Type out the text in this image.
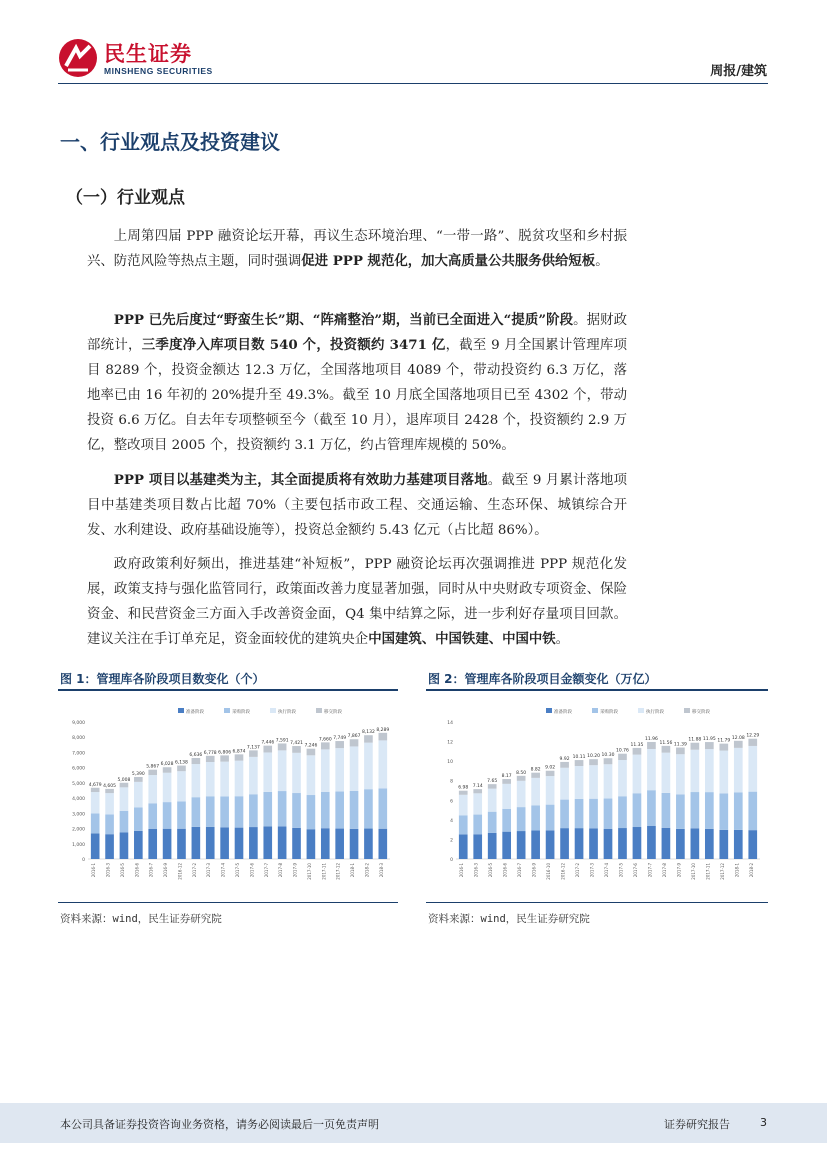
民生证券
MINSHENG SECURITIES	周报/建筑
一、行业观点及投资建议
（一）行业观点

上周第四届 PPP 融资论坛开幕，再议生态环境治理、“一带一路”、脱贫攻坚和乡村振兴、防范风险等热点主题，同时强调促进 PPP 规范化，加大高质量公共服务供给短板。

PPP 已先后度过“野蛮生长”期、“阵痛整治”期，当前已全面进入“提质”阶段。据财政部统计，三季度净入库项目数 540 个，投资额约 3471 亿，截至 9 月全国累计管理库项目 8289 个，投资金额达 12.3 万亿，全国落地项目 4089 个，带动投资约 6.3 万亿，落地率已由 16 年初的 20%提升至 49.3%。截至 10 月底全国落地项目已至 4302 个，带动投资 6.6 万亿。自去年专项整顿至今（截至 10 月），退库项目 2428 个，投资额约 2.9 万亿，整改项目 2005 个，投资额约 3.1 万亿，约占管理库规模的 50%。

PPP 项目以基建类为主，其全面提质将有效助力基建项目落地。截至 9 月累计落地项目中基建类项目数占比超 70%（主要包括市政工程、交通运输、生态环保、城镇综合开发、水利建设、政府基础设施等），投资总金额约 5.43 亿元（占比超 86%）。

政府政策利好频出，推进基建“补短板”，PPP 融资论坛再次强调推进 PPP 规范化发展，政策支持与强化监管同行，政策面改善力度显著加强，同时从中央财政专项资金、保险资金、和民营资金三方面入手改善资金面，Q4 集中结算之际，进一步利好存量项目回款。建议关注在手订单充足，资金面较优的建筑央企中国建筑、中国铁建、中国中铁。

图 1：管理库各阶段项目数变化（个）
准备阶段	采购阶段	执行阶段	移交阶段
0
1,000
2,000
3,000
4,000
5,000
6,000
7,000
8,000
9,000
4,679
2016-1
4,605
2016-3
5,008
2016-5
5,390
2016-6
5,867
2016-7
6,028
2016-9
6,138
2016-12
6,636
2017-2
6,778
2017-3
6,806
2017-4
6,874
2017-5
7,137
2017-6
7,446
2017-7
7,591
2017-8
7,421
2017-9
7,246
2017-10
7,660
2017-11
7,749
2017-12
7,867
2018-1
8,132
2018-2
8,289
2018-3
资料来源：wind，民生证券研究院
图 2：管理库各阶段项目金额变化（万亿）
准备阶段	采购阶段	执行阶段	移交阶段
0
2
4
6
8
10
12
14
6.98
2016-1
7.14
2016-3
7.65
2016-5
8.17
2016-6
8.50
2016-7
8.82
2016-9
9.02
2016-10
9.92
2016-12
10.11
2017-2
10.20
2017-3
10.30
2017-4
10.76
2017-5
11.35
2017-6
11.96
2017-7
11.56
2017-8
11.39
2017-9
11.88
2017-10
11.95
2017-11
11.79
2017-12
12.08
2018-1
12.29
2018-2
资料来源：wind，民生证券研究院
本公司具备证券投资咨询业务资格，请务必阅读最后一页免责声明	证券研究报告	3
